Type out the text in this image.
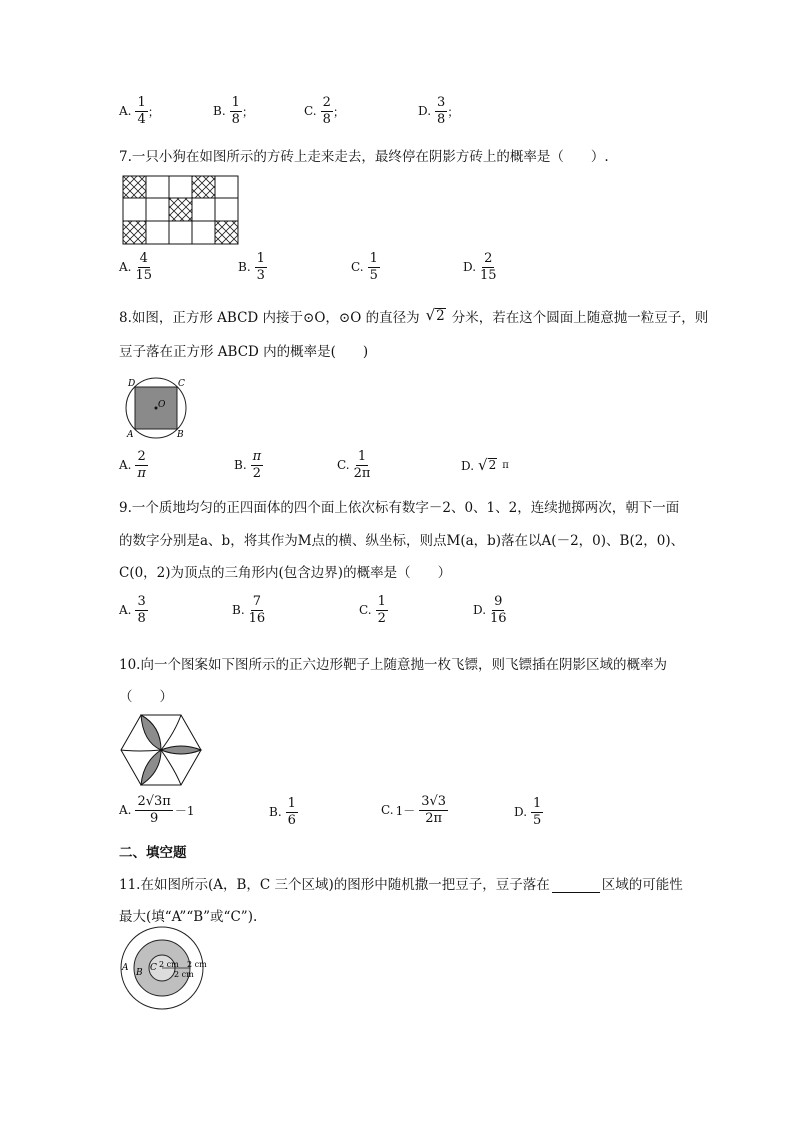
A. $\frac{1}{4}$ ；	B. $\frac{1}{8}$ ；	C. $\frac{2}{8}$ ；	D. $\frac{3}{8}$ ；
7.一只小狗在如图所示的方砖上走来走去，最终停在阴影方砖上的概率是（　　）.
A. $\frac{4}{15}$	B. $\frac{1}{3}$	C. $\frac{1}{5}$	D. $\frac{2}{15}$
8.如图，正方形 ABCD 内接于⊙O，⊙O 的直径为 √ 2 分米，若在这个圆面上随意抛一粒豆子，则
豆子落在正方形 ABCD 内的概率是(　　)
O
D	C
A	B
A. $\frac{2}{\pi}$	B. $\frac{\pi}{2}$	C. $\frac{1}{2\pi}$	D. √ 2 π
9.一个质地均匀的正四面体的四个面上依次标有数字－2、0、1、2，连续抛掷两次，朝下一面
的数字分别是a、b，将其作为M点的横、纵坐标，则点M(a，b)落在以A(－2，0)、B(2，0)、
C(0，2)为顶点的三角形内(包含边界)的概率是（　　）
A. $\frac{3}{8}$	B. $\frac{7}{16}$	C. $\frac{1}{2}$	D. $\frac{9}{16}$
10.向一个图案如下图所示的正六边形靶子上随意抛一枚飞镖，则飞镖插在阴影区域的概率为
（　　）
A. $\frac{2√3\pi}{9} -1$	B. $\frac{1}{6}$	C. $1- \frac{3√3}{2\pi}$	D. $\frac{1}{5}$
二、填空题
11.在如图所示(A，B，C 三个区域)的图形中随机撒一把豆子，豆子落在	区域的可能性
最大(填“A”“B”或“C”).
A B C 2 cm 2 cm
2 cm
